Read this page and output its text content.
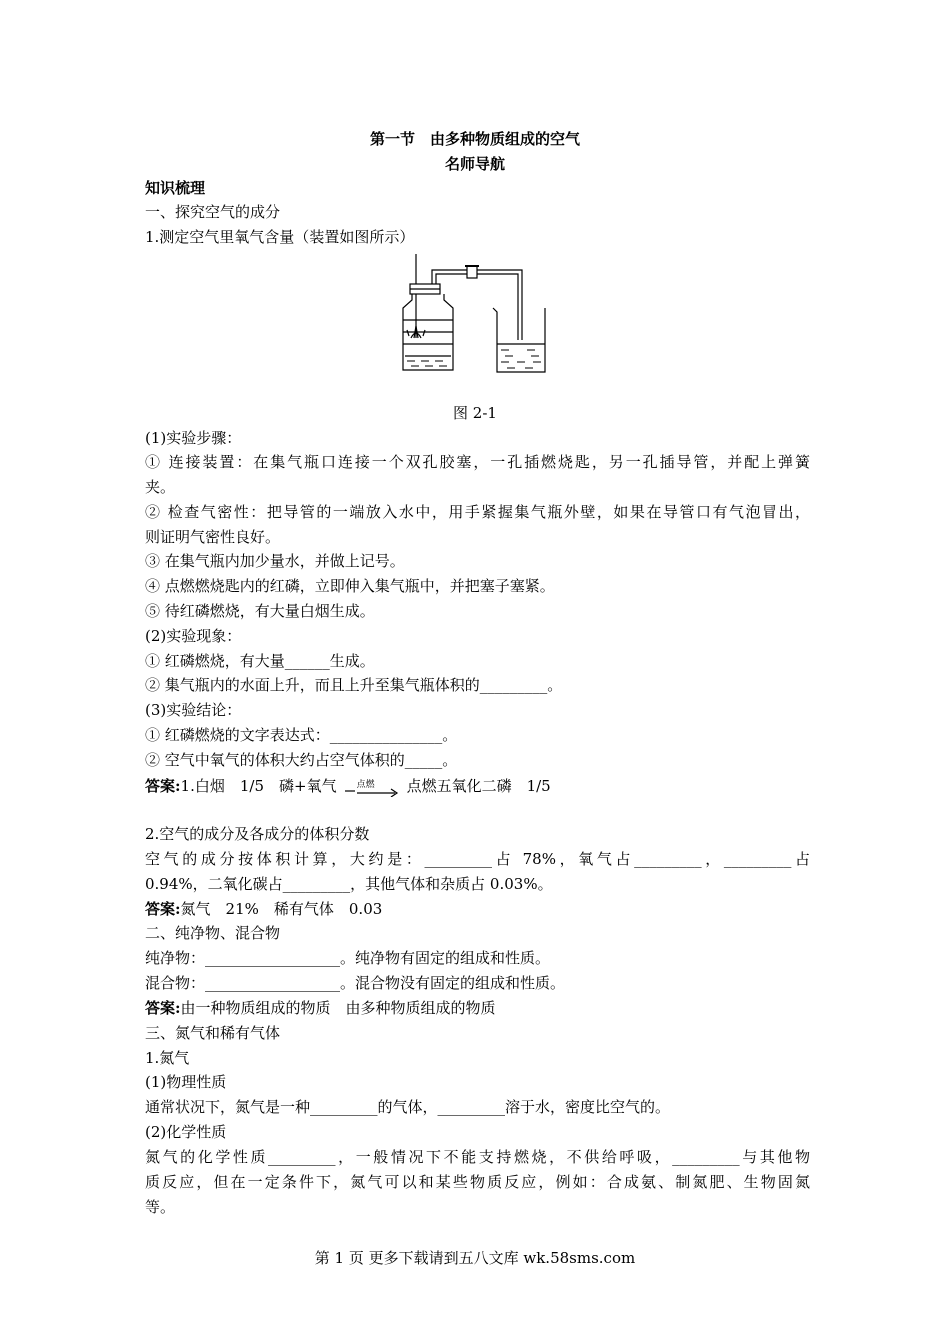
第一节　由多种物质组成的空气
名师导航
知识梳理
一、探究空气的成分
1.测定空气里氧气含量（装置如图所示）
图 2-1
(1)实验步骤：
① 连接装置：在集气瓶口连接一个双孔胶塞，一孔插燃烧匙，另一孔插导管，并配上弹簧
夹。
② 检查气密性：把导管的一端放入水中，用手紧握集气瓶外壁，如果在导管口有气泡冒出，
则证明气密性良好。
③ 在集气瓶内加少量水，并做上记号。
④ 点燃燃烧匙内的红磷，立即伸入集气瓶中，并把塞子塞紧。
⑤ 待红磷燃烧，有大量白烟生成。
(2)实验现象：
① 红磷燃烧，有大量______生成。
② 集气瓶内的水面上升，而且上升至集气瓶体积的_________。
(3)实验结论：
① 红磷燃烧的文字表达式：_______________。
② 空气中氧气的体积大约占空气体积的_____。
答案:1.白烟　1/5　磷+氧气 点燃 点燃五氧化二磷　1/5
2.空气的成分及各成分的体积分数
空气的成分按体积计算，大约是：_________占 78%，氧气占_________，_________占
0.94%，二氧化碳占_________，其他气体和杂质占 0.03%。
答案:氮气　21%　稀有气体　0.03
二、纯净物、混合物
纯净物：__________________。纯净物有固定的组成和性质。
混合物：__________________。混合物没有固定的组成和性质。
答案:由一种物质组成的物质　由多种物质组成的物质
三、氮气和稀有气体
1.氮气
(1)物理性质
通常状况下，氮气是一种_________的气体，_________溶于水，密度比空气的。
(2)化学性质
氮气的化学性质_________，一般情况下不能支持燃烧，不供给呼吸，_________与其他物
质反应，但在一定条件下，氮气可以和某些物质反应，例如：合成氨、制氮肥、生物固氮
等。
第 1 页 更多下载请到五八文库 wk.58sms.com
